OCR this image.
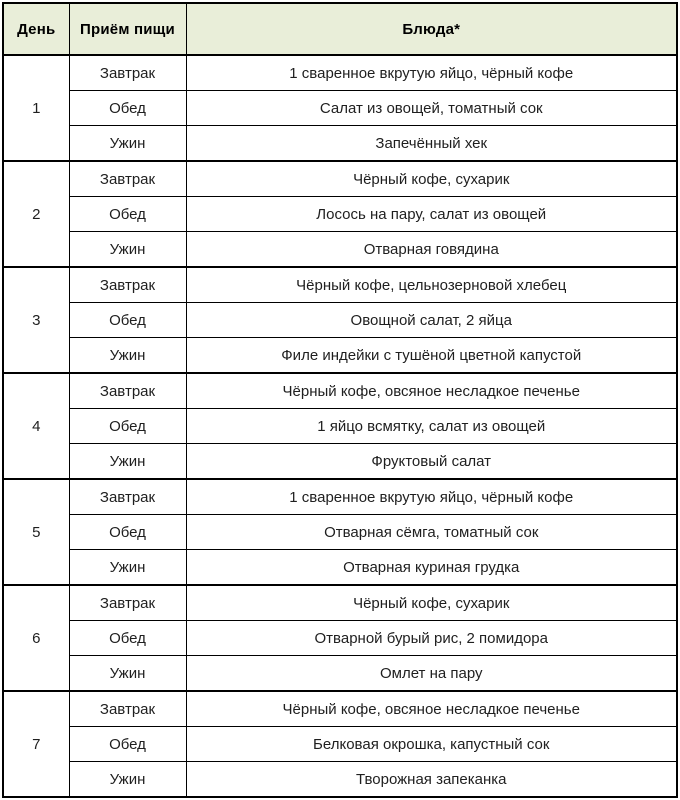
День	Приём пищи	Блюда*
1	Завтрак	1 сваренное вкрутую яйцо, чёрный кофе
	Обед	Салат из овощей, томатный сок
	Ужин	Запечённый хек
2	Завтрак	Чёрный кофе, сухарик
	Обед	Лосось на пару, салат из овощей
	Ужин	Отварная говядина
3	Завтрак	Чёрный кофе, цельнозерновой хлебец
	Обед	Овощной салат, 2 яйца
	Ужин	Филе индейки с тушёной цветной капустой
4	Завтрак	Чёрный кофе, овсяное несладкое печенье
	Обед	1 яйцо всмятку, салат из овощей
	Ужин	Фруктовый салат
5	Завтрак	1 сваренное вкрутую яйцо, чёрный кофе
	Обед	Отварная сёмга, томатный сок
	Ужин	Отварная куриная грудка
6	Завтрак	Чёрный кофе, сухарик
	Обед	Отварной бурый рис, 2 помидора
	Ужин	Омлет на пару
7	Завтрак	Чёрный кофе, овсяное несладкое печенье
	Обед	Белковая окрошка, капустный сок
	Ужин	Творожная запеканка
